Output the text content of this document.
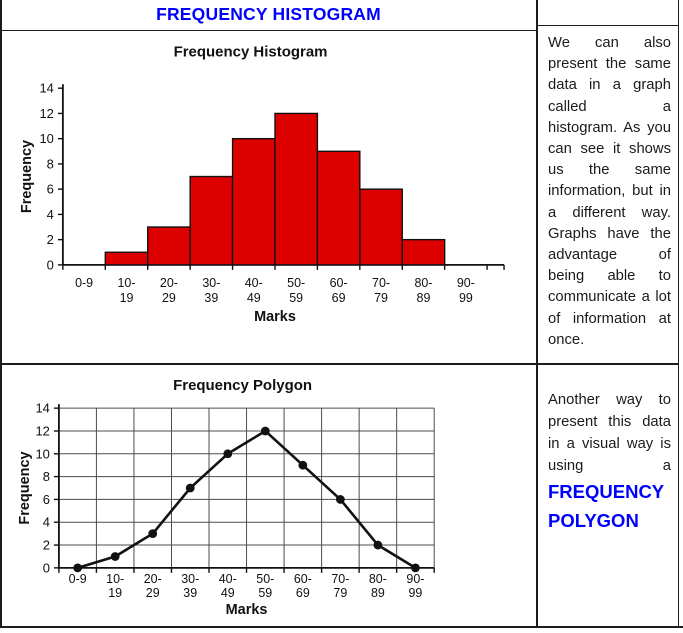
FREQUENCY HISTOGRAM
Frequency Histogram
0
2
4
6
8
10
12
14
0-9 10-
19
20-
29
30-
39
40-
49
50-
59
60-
69
70-
79
80-
89
90-
99
Marks
Frequency
Frequency Polygon
0
2
4
6
8
10
12
14
0-9 10-
19
20-
29
30-
39
40-
49
50-
59
60-
69
70-
79
80-
89
90-
99
Marks
Frequency

We can also present the same data in a graph called a histogram. As you can see it shows us the same information, but in a different way. Graphs have the advantage of being able to communicate a lot of information at once.

Another way to present this data in a visual way is using a FREQUENCY POLYGON
